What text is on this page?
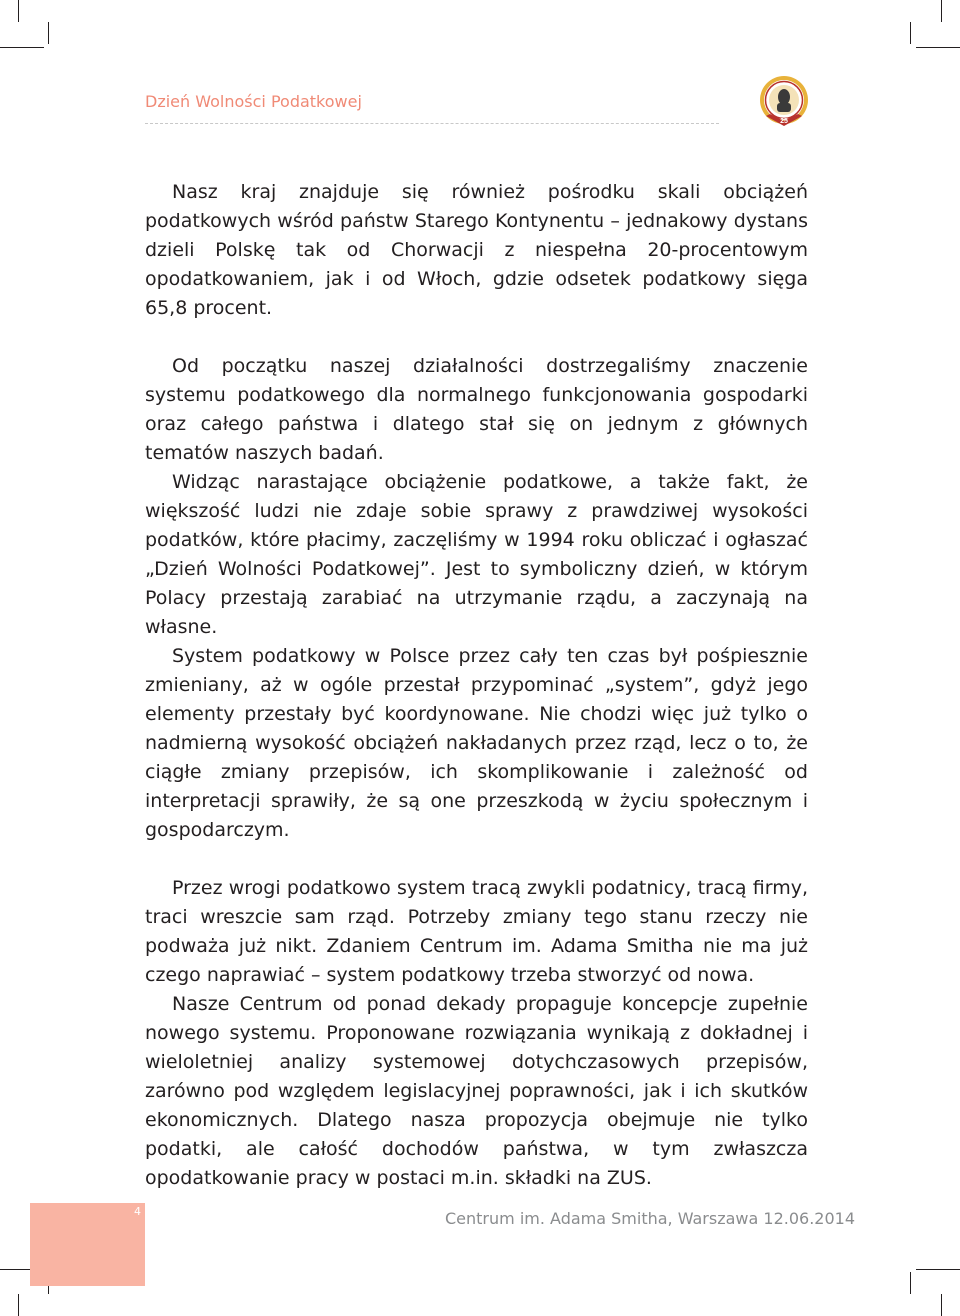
Dzień Wolności Podatkowej
25

Nasz kraj znajduje się również pośrodku skali obciążeń podatkowych wśród państw Starego Kontynentu – jednakowy dystans dzieli Polskę tak od Chorwacji z niespełna 20-procentowym opodatkowaniem, jak i od Włoch, gdzie odsetek podatkowy sięga 65,8 procent.

Od początku naszej działalności dostrzegaliśmy znaczenie systemu podatkowego dla normalnego funkcjonowania gospodarki oraz całego państwa i dlatego stał się on jednym z głównych tematów naszych badań.

Widząc narastające obciążenie podatkowe, a także fakt, że większość ludzi nie zdaje sobie sprawy z prawdziwej wysokości podatków, które płacimy, zaczęliśmy w 1994 roku obliczać i ogłaszać „Dzień Wolności Podatkowej”. Jest to symboliczny dzień, w którym Polacy przestają zarabiać na utrzymanie rządu, a zaczynają na własne.

System podatkowy w Polsce przez cały ten czas był pośpiesznie zmieniany, aż w ogóle przestał przypominać „system”, gdyż jego elementy przestały być koordynowane. Nie chodzi więc już tylko o nadmierną wysokość obciążeń nakładanych przez rząd, lecz o to, że ciągłe zmiany przepisów, ich skomplikowanie i zależność od interpretacji sprawiły, że są one przeszkodą w życiu społecznym i gospodarczym.

Przez wrogi podatkowo system tracą zwykli podatnicy, tracą firmy, traci wreszcie sam rząd. Potrzeby zmiany tego stanu rzeczy nie podważa już nikt. Zdaniem Centrum im. Adama Smitha nie ma już czego naprawiać – system podatkowy trzeba stworzyć od nowa.

Nasze Centrum od ponad dekady propaguje koncepcje zupełnie nowego systemu. Proponowane rozwiązania wynikają z dokładnej i wieloletniej analizy systemowej dotychczasowych przepisów, zarówno pod względem legislacyjnej poprawności, jak i ich skutków ekonomicznych. Dlatego nasza propozycja obejmuje nie tylko podatki, ale całość dochodów państwa, w tym zwłaszcza opodatkowanie pracy w postaci m.in. składki na ZUS.

4	Centrum im. Adama Smitha, Warszawa 12.06.2014
